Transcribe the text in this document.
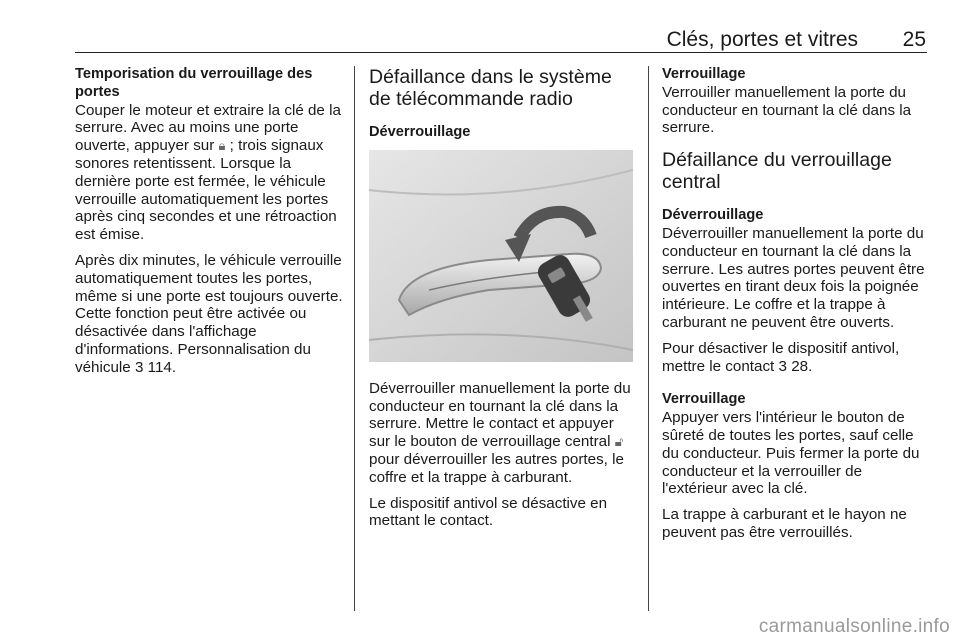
Clés, portes et vitres 25

Temporisation du verrouillage des portes

Couper le moteur et extraire la clé de la serrure. Avec au moins une porte ouverte, appuyer sur 🔒︎ ; trois signaux sonores retentissent. Lorsque la dernière porte est fermée, le véhicule verrouille automatiquement les portes après cinq secondes et une rétroaction est émise.

Après dix minutes, le véhicule verrouille automatiquement toutes les portes, même si une porte est toujours ouverte. Cette fonction peut être activée ou désactivée dans l'affichage d'informations. Personnalisation du véhicule 3 114.

Défaillance dans le système de télécommande radio

Déverrouillage

Déverrouiller manuellement la porte du conducteur en tournant la clé dans la serrure. Mettre le contact et appuyer sur le bouton de verrouillage central 🔓︎ pour déverrouiller les autres portes, le coffre et la trappe à carburant.

Le dispositif antivol se désactive en mettant le contact.

Verrouillage

Verrouiller manuellement la porte du conducteur en tournant la clé dans la serrure.

Défaillance du verrouillage central

Déverrouillage

Déverrouiller manuellement la porte du conducteur en tournant la clé dans la serrure. Les autres portes peuvent être ouvertes en tirant deux fois la poignée intérieure. Le coffre et la trappe à carburant ne peuvent être ouverts.

Pour désactiver le dispositif antivol, mettre le contact 3 28.

Verrouillage

Appuyer vers l'intérieur le bouton de sûreté de toutes les portes, sauf celle du conducteur. Puis fermer la porte du conducteur et la verrouiller de l'extérieur avec la clé.

La trappe à carburant et le hayon ne peuvent pas être verrouillés.

carmanualsonline.info
